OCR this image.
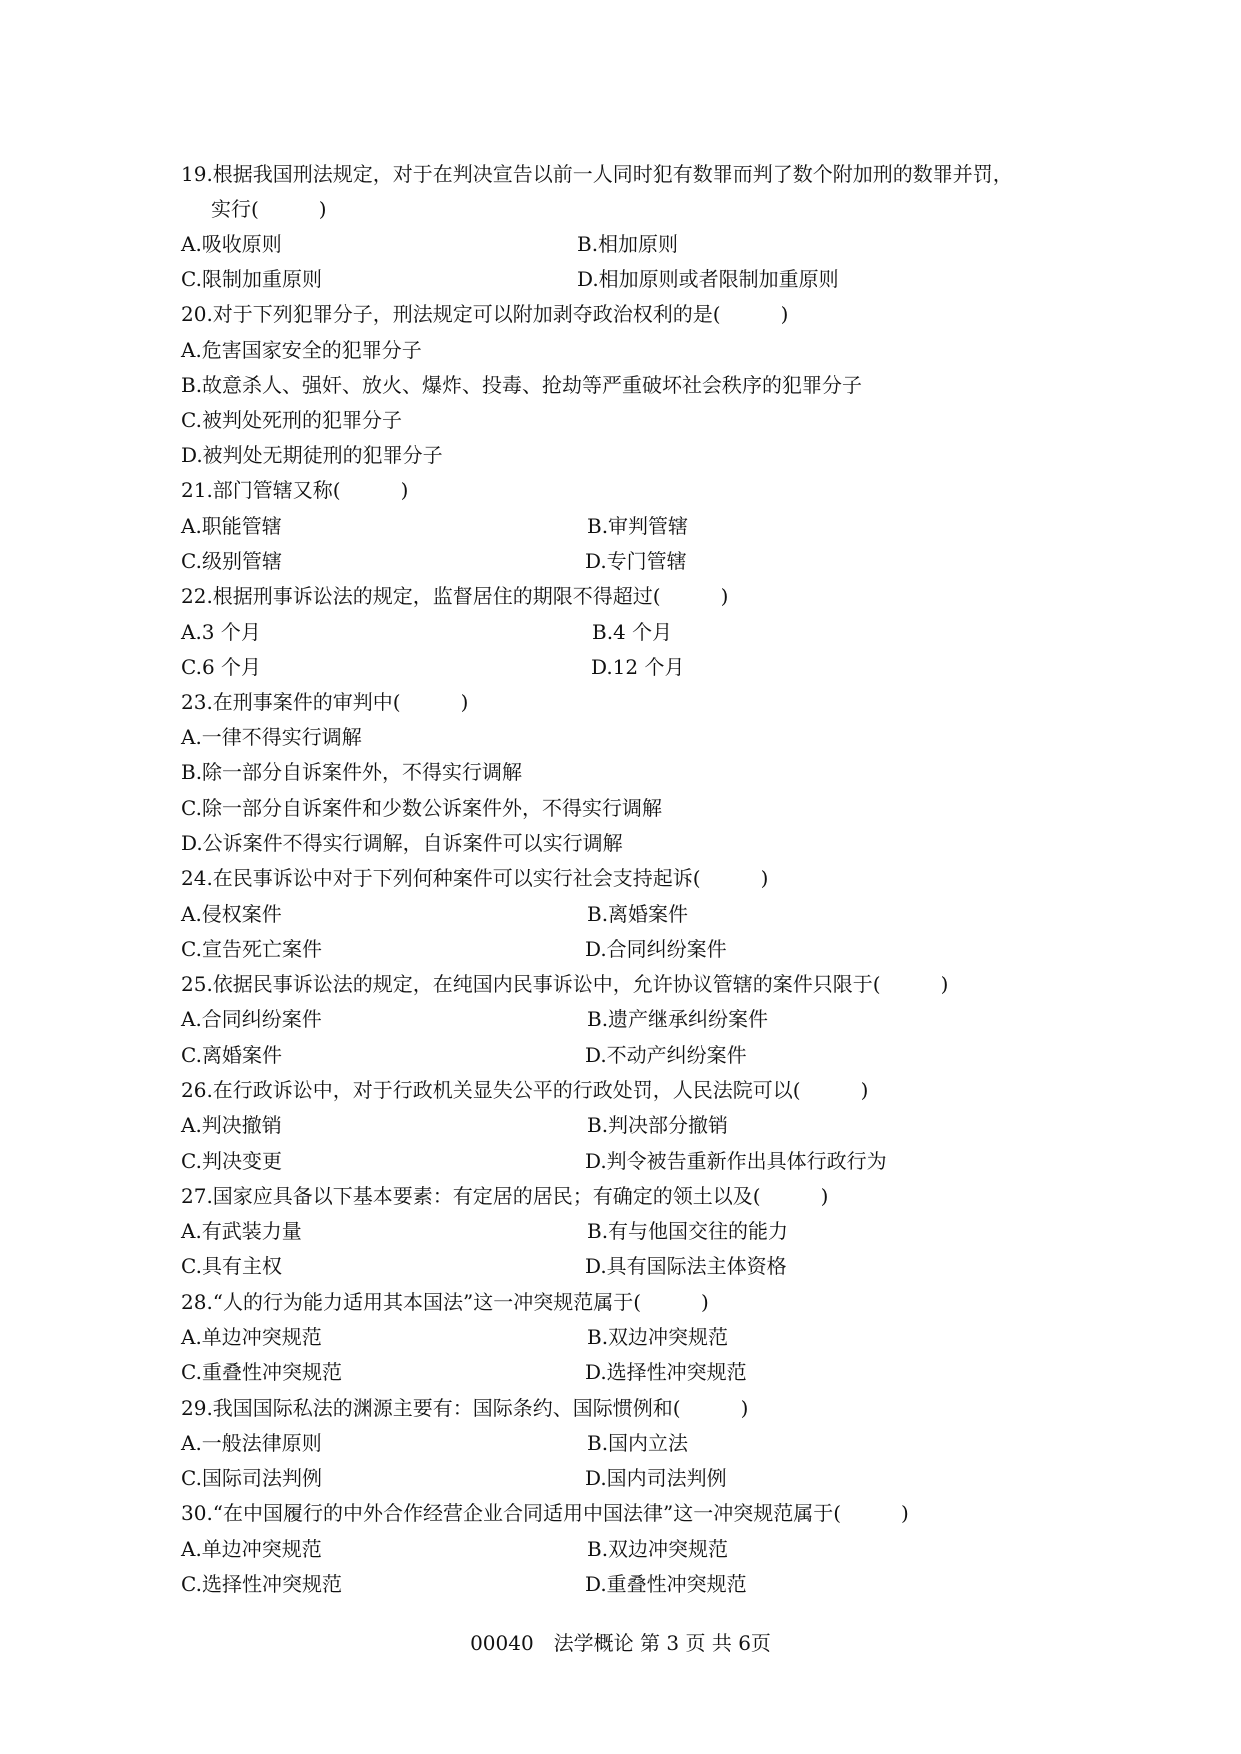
19.根据我国刑法规定，对于在判决宣告以前一人同时犯有数罪而判了数个附加刑的数罪并罚，
实行(   )
A.吸收原则	B.相加原则
C.限制加重原则	D.相加原则或者限制加重原则
20.对于下列犯罪分子，刑法规定可以附加剥夺政治权利的是(   )
A.危害国家安全的犯罪分子
B.故意杀人、强奸、放火、爆炸、投毒、抢劫等严重破坏社会秩序的犯罪分子
C.被判处死刑的犯罪分子
D.被判处无期徒刑的犯罪分子
21.部门管辖又称(   )
A.职能管辖	B.审判管辖
C.级别管辖	D.专门管辖
22.根据刑事诉讼法的规定，监督居住的期限不得超过(   )
A.3 个月	B.4 个月
C.6 个月	D.12 个月
23.在刑事案件的审判中(   )
A.一律不得实行调解
B.除一部分自诉案件外，不得实行调解
C.除一部分自诉案件和少数公诉案件外，不得实行调解
D.公诉案件不得实行调解，自诉案件可以实行调解
24.在民事诉讼中对于下列何种案件可以实行社会支持起诉(   )
A.侵权案件	B.离婚案件
C.宣告死亡案件	D.合同纠纷案件
25.依据民事诉讼法的规定，在纯国内民事诉讼中，允许协议管辖的案件只限于(   )
A.合同纠纷案件	B.遗产继承纠纷案件
C.离婚案件	D.不动产纠纷案件
26.在行政诉讼中，对于行政机关显失公平的行政处罚，人民法院可以(   )
A.判决撤销	B.判决部分撤销
C.判决变更	D.判令被告重新作出具体行政行为
27.国家应具备以下基本要素：有定居的居民；有确定的领土以及(   )
A.有武装力量	B.有与他国交往的能力
C.具有主权	D.具有国际法主体资格
28.“人的行为能力适用其本国法”这一冲突规范属于(   )
A.单边冲突规范	B.双边冲突规范
C.重叠性冲突规范	D.选择性冲突规范
29.我国国际私法的渊源主要有：国际条约、国际惯例和(   )
A.一般法律原则	B.国内立法
C.国际司法判例	D.国内司法判例
30.“在中国履行的中外合作经营企业合同适用中国法律”这一冲突规范属于(   )
A.单边冲突规范	B.双边冲突规范
C.选择性冲突规范	D.重叠性冲突规范
00040 法学概论 第 3 页 共 6页
